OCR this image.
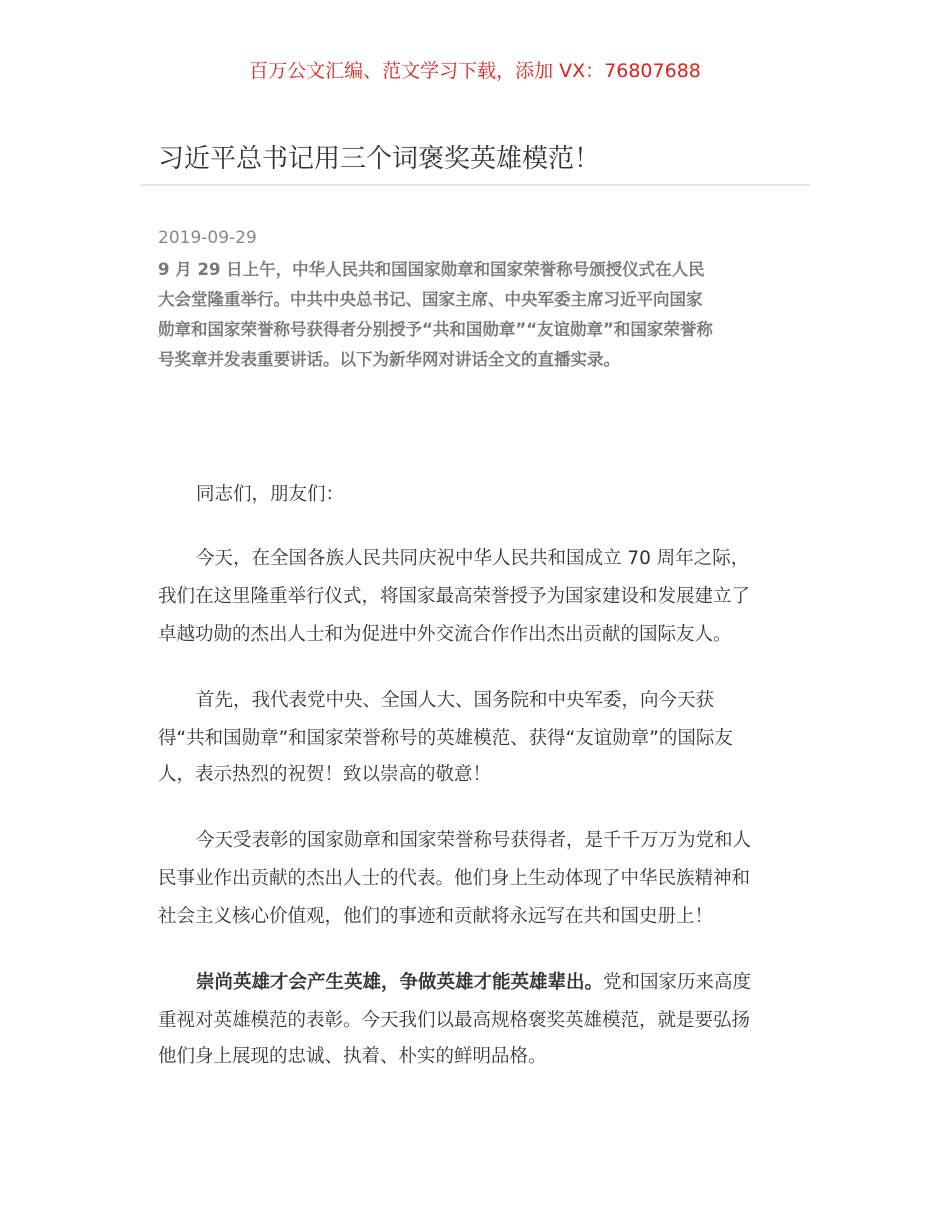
百万公文汇编、范文学习下载，添加 VX：76807688
习近平总书记用三个词褒奖英雄模范！
2019-09-29
9 月 29 日上午，中华人民共和国国家勋章和国家荣誉称号颁授仪式在人民
大会堂隆重举行。中共中央总书记、国家主席、中央军委主席习近平向国家
勋章和国家荣誉称号获得者分别授予“共和国勋章”“友谊勋章”和国家荣誉称
号奖章并发表重要讲话。以下为新华网对讲话全文的直播实录。
同志们，朋友们：
今天，在全国各族人民共同庆祝中华人民共和国成立 70 周年之际，
我们在这里隆重举行仪式，将国家最高荣誉授予为国家建设和发展建立了
卓越功勋的杰出人士和为促进中外交流合作作出杰出贡献的国际友人。
首先，我代表党中央、全国人大、国务院和中央军委，向今天获
得“共和国勋章”和国家荣誉称号的英雄模范、获得“友谊勋章”的国际友
人，表示热烈的祝贺！致以崇高的敬意！
今天受表彰的国家勋章和国家荣誉称号获得者，是千千万万为党和人
民事业作出贡献的杰出人士的代表。他们身上生动体现了中华民族精神和
社会主义核心价值观，他们的事迹和贡献将永远写在共和国史册上！
崇尚英雄才会产生英雄，争做英雄才能英雄辈出。党和国家历来高度
重视对英雄模范的表彰。今天我们以最高规格褒奖英雄模范，就是要弘扬
他们身上展现的忠诚、执着、朴实的鲜明品格。
